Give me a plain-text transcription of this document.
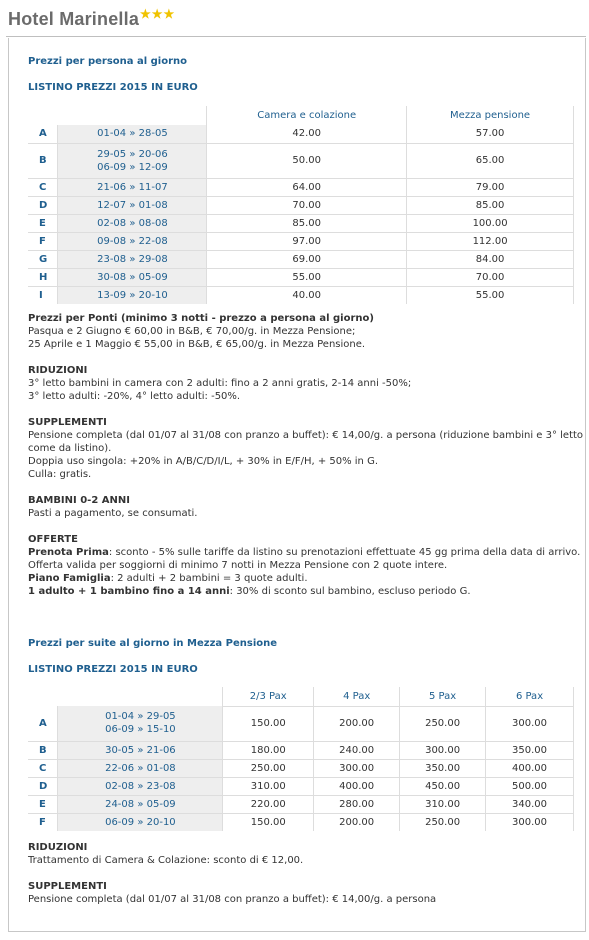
Hotel Marinella★★★
Prezzi per persona al giorno
LISTINO PREZZI 2015 IN EURO
		Camera e colazione	Mezza pensione
A	01-04 » 28-05	42.00	57.00
B	29-05 » 20-06
06-09 » 12-09	50.00	65.00
C	21-06 » 11-07	64.00	79.00
D	12-07 » 01-08	70.00	85.00
E	02-08 » 08-08	85.00	100.00
F	09-08 » 22-08	97.00	112.00
G	23-08 » 29-08	69.00	84.00
H	30-08 » 05-09	55.00	70.00
I	13-09 » 20-10	40.00	55.00
Prezzi per Ponti (minimo 3 notti - prezzo a persona al giorno)
Pasqua e 2 Giugno € 60,00 in B&B, € 70,00/g. in Mezza Pensione;
25 Aprile e 1 Maggio € 55,00 in B&B, € 65,00/g. in Mezza Pensione.
RIDUZIONI
3° letto bambini in camera con 2 adulti: fino a 2 anni gratis, 2-14 anni -50%;
3° letto adulti: -20%, 4° letto adulti: -50%.
SUPPLEMENTI
Pensione completa (dal 01/07 al 31/08 con pranzo a buffet): € 14,00/g. a persona (riduzione bambini e 3° letto
come da listino).
Doppia uso singola: +20% in A/B/C/D/I/L, + 30% in E/F/H, + 50% in G.
Culla: gratis.
BAMBINI 0-2 ANNI
Pasti a pagamento, se consumati.
OFFERTE
Prenota Prima: sconto - 5% sulle tariffe da listino su prenotazioni effettuate 45 gg prima della data di arrivo.
Offerta valida per soggiorni di minimo 7 notti in Mezza Pensione con 2 quote intere.
Piano Famiglia: 2 adulti + 2 bambini = 3 quote adulti.
1 adulto + 1 bambino fino a 14 anni: 30% di sconto sul bambino, escluso periodo G.
Prezzi per suite al giorno in Mezza Pensione
LISTINO PREZZI 2015 IN EURO
		2/3 Pax	4 Pax	5 Pax	6 Pax
A	01-04 » 29-05
06-09 » 15-10	150.00	200.00	250.00	300.00
B	30-05 » 21-06	180.00	240.00	300.00	350.00
C	22-06 » 01-08	250.00	300.00	350.00	400.00
D	02-08 » 23-08	310.00	400.00	450.00	500.00
E	24-08 » 05-09	220.00	280.00	310.00	340.00
F	06-09 » 20-10	150.00	200.00	250.00	300.00
RIDUZIONI
Trattamento di Camera & Colazione: sconto di € 12,00.
SUPPLEMENTI
Pensione completa (dal 01/07 al 31/08 con pranzo a buffet): € 14,00/g. a persona
